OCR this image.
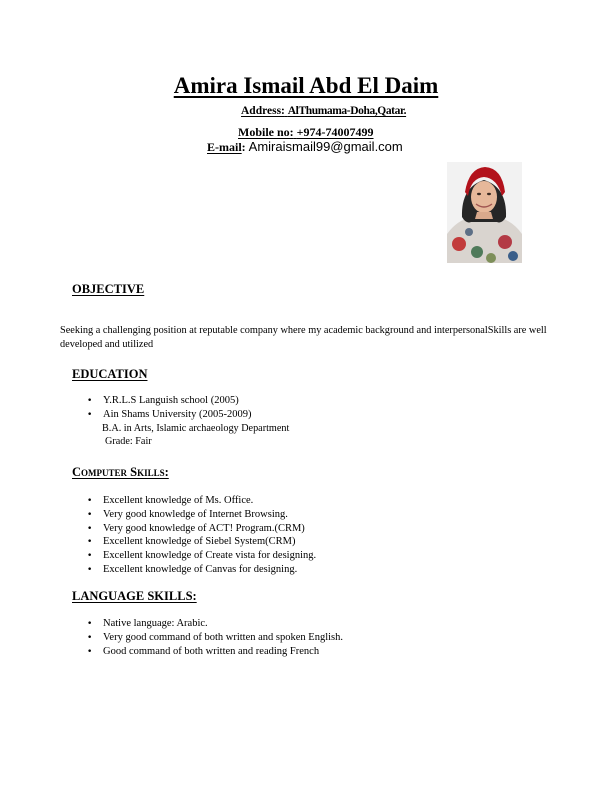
Amira Ismail Abd El Daim
Address: AlThumama-Doha,Qatar.
Mobile no: +974-74007499
E-mail: Amiraismail99@gmail.com
OBJECTIVE
Seeking a challenging position at reputable company where my academic background and interpersonalSkills are well developed and utilized
EDUCATION
• Y.R.L.S Languish school (2005)
• Ain Shams University (2005-2009)
B.A. in Arts, Islamic archaeology Department
Grade: Fair
Computer Skills:
• Excellent knowledge of Ms. Office.
• Very good knowledge of Internet Browsing.
• Very good knowledge of ACT! Program.(CRM)
• Excellent knowledge of Siebel System(CRM)
• Excellent knowledge of Create vista for designing.
• Excellent knowledge of Canvas for designing.
LANGUAGE SKILLS:
• Native language: Arabic.
• Very good command of both written and spoken English.
• Good command of both written and reading French
